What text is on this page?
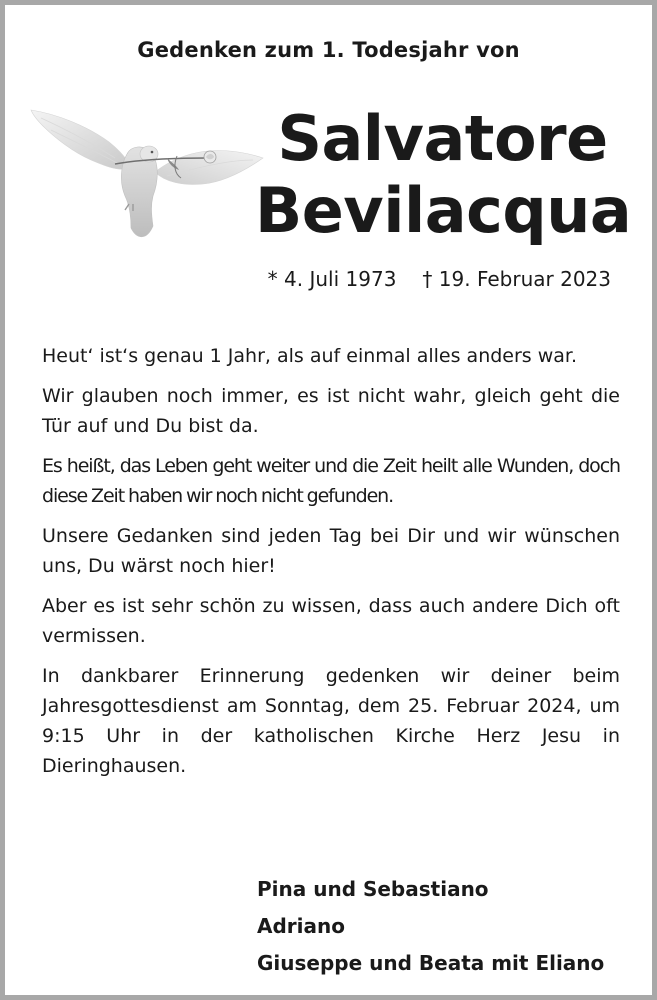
Gedenken zum 1. Todesjahr von
Salvatore
Bevilacqua
* 4. Juli 1973 † 19. Februar 2023

Heut‘ ist‘s genau 1 Jahr, als auf einmal alles anders war.

Wir glauben noch immer, es ist nicht wahr, gleich geht die Tür auf und Du bist da.

Es heißt, das Leben geht weiter und die Zeit heilt alle Wunden, doch diese Zeit haben wir noch nicht gefunden.

Unsere Gedanken sind jeden Tag bei Dir und wir wünschen uns, Du wärst noch hier!

Aber es ist sehr schön zu wissen, dass auch andere Dich oft vermissen.

In dankbarer Erinnerung gedenken wir deiner beim Jahresgottesdienst am Sonntag, dem 25. Februar 2024, um 9:15 Uhr in der katholischen Kirche Herz Jesu in Dieringhausen.

Pina und Sebastiano
Adriano
Giuseppe und Beata mit Eliano
